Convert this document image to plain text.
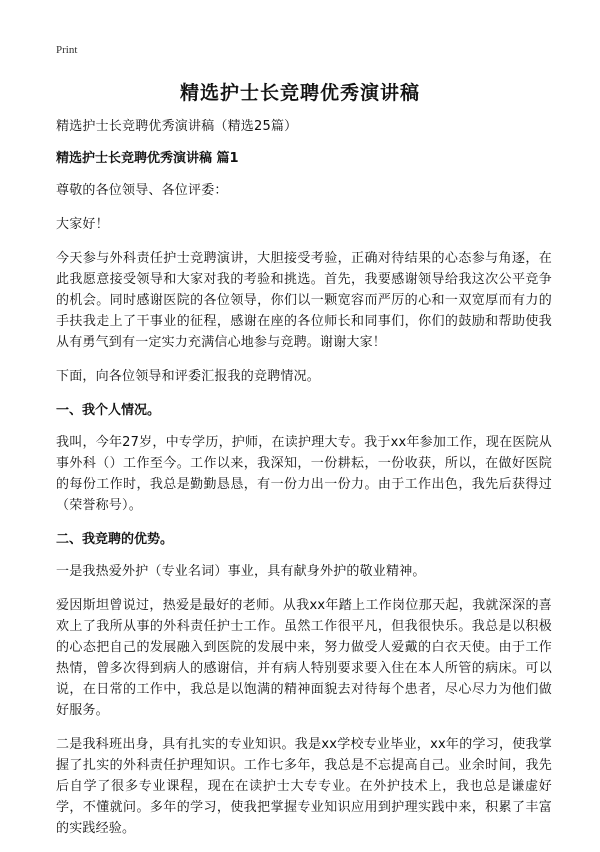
Print
精选护士长竞聘优秀演讲稿

精选护士长竞聘优秀演讲稿（精选25篇）

精选护士长竞聘优秀演讲稿 篇1

尊敬的各位领导、各位评委：

大家好！

今天参与外科责任护士竞聘演讲，大胆接受考验，正确对待结果的心态参与角逐，在此我愿意接受领导和大家对我的考验和挑选。首先，我要感谢领导给我这次公平竞争的机会。同时感谢医院的各位领导，你们以一颗宽容而严厉的心和一双宽厚而有力的手扶我走上了干事业的征程，感谢在座的各位师长和同事们，你们的鼓励和帮助使我从有勇气到有一定实力充满信心地参与竞聘。谢谢大家！

下面，向各位领导和评委汇报我的竞聘情况。

一、我个人情况。

我叫，今年27岁，中专学历，护师，在读护理大专。我于xx年参加工作，现在医院从事外科（）工作至今。工作以来，我深知，一份耕耘，一份收获，所以，在做好医院的每份工作时，我总是勤勤恳恳，有一份力出一份力。由于工作出色，我先后获得过（荣誉称号）。

二、我竞聘的优势。

一是我热爱外护（专业名词）事业，具有献身外护的敬业精神。

爱因斯坦曾说过，热爱是最好的老师。从我xx年踏上工作岗位那天起，我就深深的喜欢上了我所从事的外科责任护士工作。虽然工作很平凡，但我很快乐。我总是以积极的心态把自己的发展融入到医院的发展中来，努力做受人爱戴的白衣天使。由于工作热情，曾多次得到病人的感谢信，并有病人特别要求要入住在本人所管的病床。可以说，在日常的工作中，我总是以饱满的精神面貌去对待每个患者，尽心尽力为他们做好服务。

二是我科班出身，具有扎实的专业知识。我是xx学校专业毕业，xx年的学习，使我掌握了扎实的外科责任护理知识。工作七多年，我总是不忘提高自己。业余时间，我先后自学了很多专业课程，现在在读护士大专专业。在外护技术上，我也总是谦虚好学，不懂就问。多年的学习，使我把掌握专业知识应用到护理实践中来，积累了丰富的实践经验。
